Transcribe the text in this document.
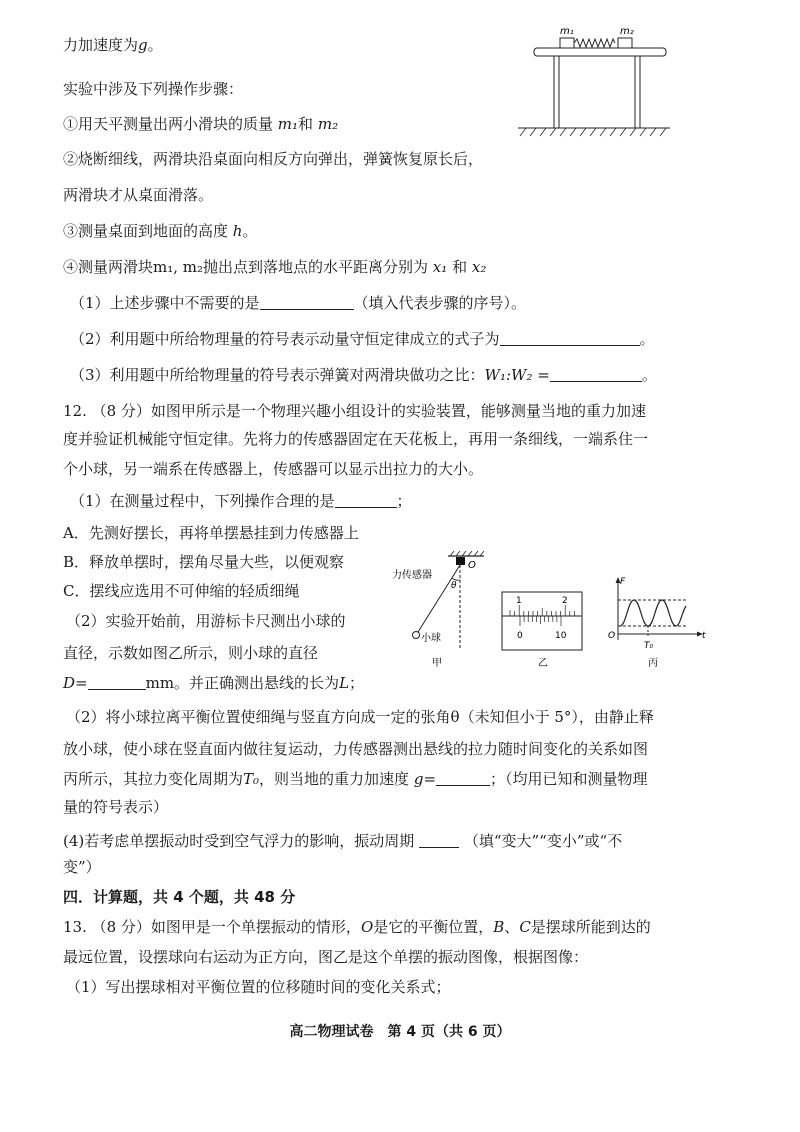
m₁	m₂
力加速度为g。
实验中涉及下列操作步骤：
①用天平测量出两小滑块的质量 m₁和 m₂
②烧断细线，两滑块沿桌面向相反方向弹出，弹簧恢复原长后，
两滑块才从桌面滑落。
③测量桌面到地面的高度 h。
④测量两滑块m₁, m₂抛出点到落地点的水平距离分别为 x₁ 和 x₂
（1）上述步骤中不需要的是	（填入代表步骤的序号）。
（2）利用题中所给物理量的符号表示动量守恒定律成立的式子为	。
（3）利用题中所给物理量的符号表示弹簧对两滑块做功之比：W₁:W₂ =	。
12. （8 分）如图甲所示是一个物理兴趣小组设计的实验装置，能够测量当地的重力加速
度并验证机械能守恒定律。先将力的传感器固定在天花板上，再用一条细线，一端系住一
个小球，另一端系在传感器上，传感器可以显示出拉力的大小。
（1）在测量过程中，下列操作合理的是	；
A．先测好摆长，再将单摆悬挂到力传感器上
B．释放单摆时，摆角尽量大些，以便观察
C．摆线应选用不可伸缩的轻质细绳
（2）实验开始前，用游标卡尺测出小球的
直径，示数如图乙所示，则小球的直径
D=	mm。并正确测出悬线的长为L；
（2）将小球拉离平衡位置使细绳与竖直方向成一定的张角θ（未知但小于 5°），由静止释
放小球，使小球在竖直面内做往复运动，力传感器测出悬线的拉力随时间变化的关系如图
丙所示，其拉力变化周期为T₀，则当地的重力加速度 g=	；（均用已知和测量物理
量的符号表示）
(4)若考虑单摆振动时受到空气浮力的影响，振动周期	（填“变大”“变小”或“不
变”）
四．计算题，共 4 个题，共 48 分
13. （8 分）如图甲是一个单摆振动的情形，O是它的平衡位置，B、C是摆球所能到达的
最远位置，设摆球向右运动为正方向，图乙是这个单摆的振动图像，根据图像：
（1）写出摆球相对平衡位置的位移随时间的变化关系式；
力传感器
O
θ
小球
甲
1	2
0	10
乙
F
O	t
T₀
丙
高二物理试卷　第 4 页（共 6 页）
